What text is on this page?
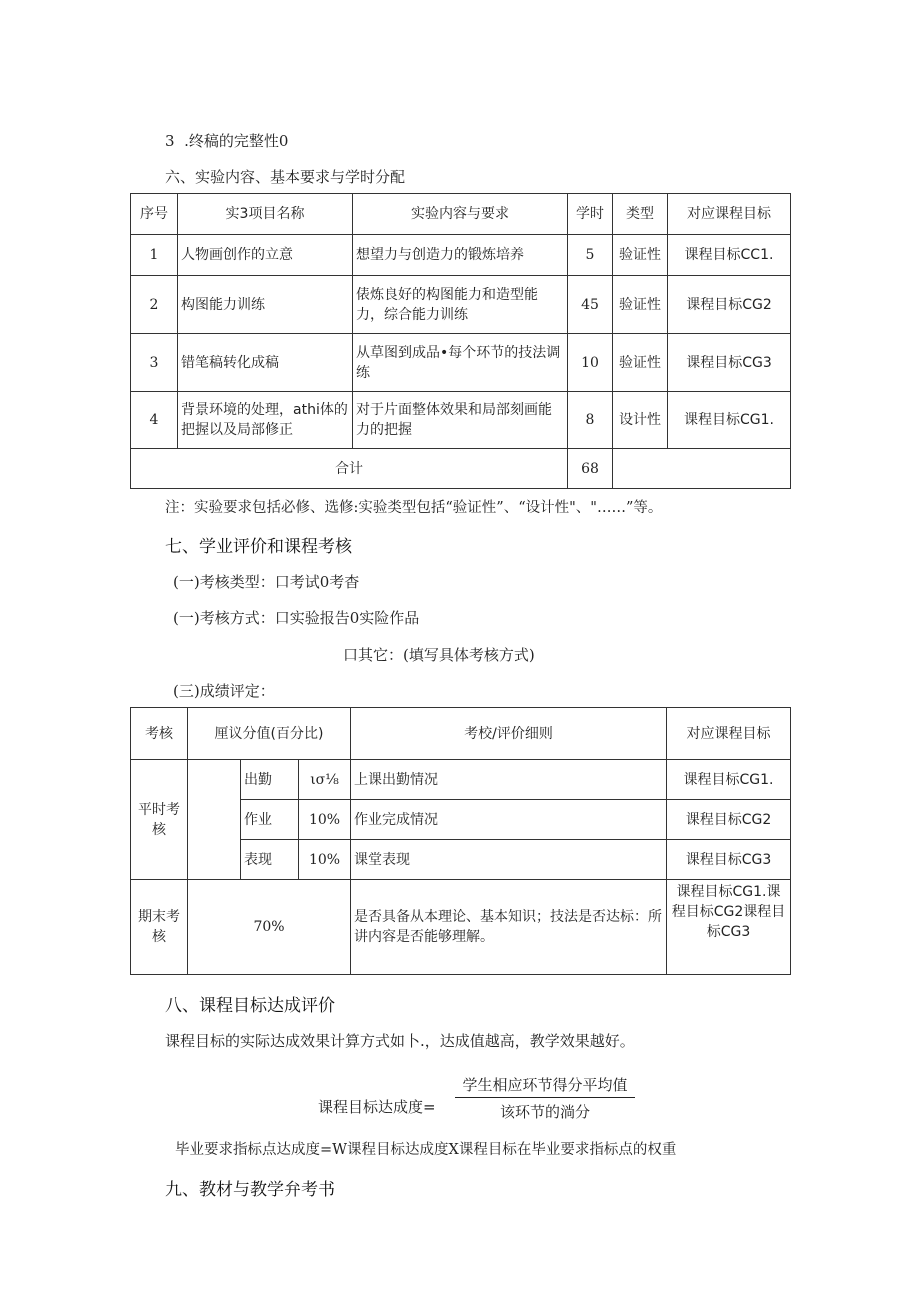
3  .终稿的完整性0
六、实验内容、基本要求与学时分配
序号	实3项目名称	实验内容与要求	学时	类型	对应课程目标
1	人物画创作的立意	想望力与创造力的锻炼培养	5	验证性	课程目标CC1.
2	构图能力训练	俵炼良好的构图能力和造型能力，综合能力训练	45	验证性	课程目标CG2
3	错笔稿转化成稿	从草图到成品•每个环节的技法调练	10	验证性	课程目标CG3
4	背景环境的处理，athi体的把握以及局部修正	对于片面整体效果和局部刻画能力的把握	8	设计性	课程目标CG1.
合计			68		
注：实验要求包括必修、选修:实验类型包括“验证性”、“设计性"、"……”等。
七、学业评价和课程考核
(一)考核类型：口考试0考杳
(一)考核方式：口实验报告0实险作品
口其它：(填写具体考核方式)
(三)成绩评定：
考核	厘议分值(百分比)			考校/评价细则	对应课程目标
平时考核		出勤	ισ⅛	上课出勤情况	课程目标CG1.
		作业	10%	作业完成情况	课程目标CG2
		表现	10%	课堂表现	课程目标CG3
期末考核	70%			是否具备从本理论、基本知识；技法是否达标：所讲内容是否能够理解。	课程目标CG1.课程目标CG2课程目标CG3
八、课程目标达成评价
课程目标的实际达成效果计算方式如卜.，达成值越高，教学效果越好。
课程目标达成度=
学生相应环节得分平均值
该环节的淌分
毕业要求指标点达成度=W课程目标达成度X课程目标在毕业要求指标点的权重
九、教材与教学弁考书
